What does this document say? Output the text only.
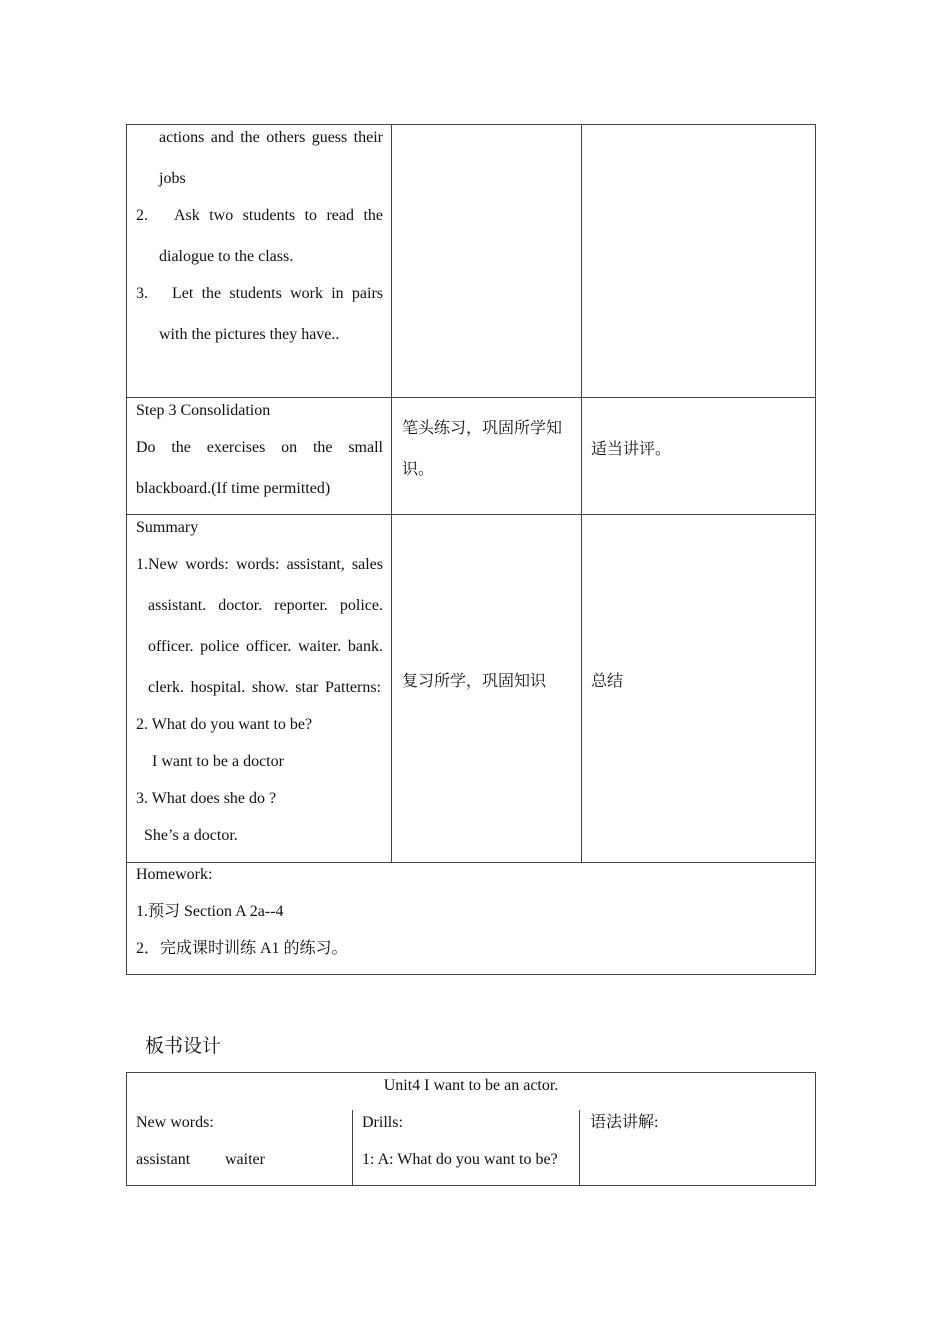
actions and the others guess their
jobs
2. Ask two students to read the
dialogue to the class.
3. Let the students work in pairs
with the pictures they have..
Step 3 Consolidation
Do the exercises on the small
blackboard.(If time permitted)
笔头练习，巩固所学知
识。
适当讲评。
Summary
1.New words: words: assistant, sales
assistant. doctor. reporter. police.
officer. police officer. waiter. bank.
clerk. hospital. show. star Patterns:
2. What do you want to be?
I want to be a doctor
3. What does she do ?
She’s a doctor.
复习所学，巩固知识	总结
Homework:
1.预习 Section A 2a--4
2．完成课时训练 A1 的练习。
板书设计
Unit4 I want to be an actor.
New words:
assistant waiter
Drills:
1: A: What do you want to be?
语法讲解:
